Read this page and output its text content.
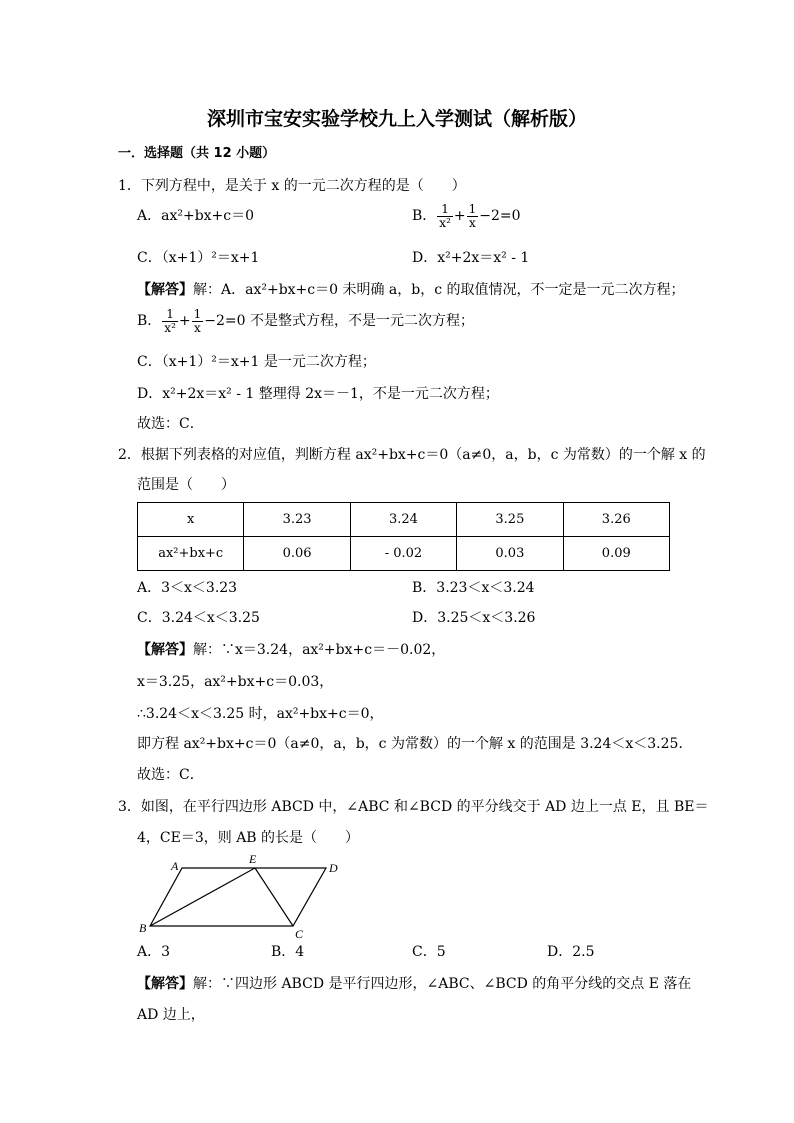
深圳市宝安实验学校九上入学测试（解析版）
一．选择题（共 12 小题）
1．下列方程中，是关于 x 的一元二次方程的是（　　）
A．ax²+bx+c＝0	B． $\frac{1}{\text{x²}} + \frac{1}{x} -2=0$
C．（x+1）²＝x+1	D．x²+2x＝x² - 1
【解答】解：A．ax²+bx+c＝0 未明确 a，b，c 的取值情况，不一定是一元二次方程；
B． $\frac{1}{\text{x²}} + \frac{1}{x} -2=0$ 不是整式方程，不是一元二次方程；
C．（x+1）²＝x+1 是一元二次方程；
D．x²+2x＝x² - 1 整理得 2x＝－1，不是一元二次方程；
故选：C．
2．根据下列表格的对应值，判断方程 ax²+bx+c＝0（a≠0，a，b，c 为常数）的一个解 x 的
范围是（　　）
x	3.23	3.24	3.25	3.26
ax²+bx+c	0.06	- 0.02	0.03	0.09
A．3＜x＜3.23	B．3.23＜x＜3.24
C．3.24＜x＜3.25	D．3.25＜x＜3.26
【解答】解：∵x＝3.24，ax²+bx+c＝－0.02，
x＝3.25，ax²+bx+c＝0.03，
∴3.24＜x＜3.25 时，ax²+bx+c＝0，
即方程 ax²+bx+c＝0（a≠0，a，b，c 为常数）的一个解 x 的范围是 3.24＜x＜3.25．
故选：C．
3．如图，在平行四边形 ABCD 中，∠ABC 和∠BCD 的平分线交于 AD 边上一点 E，且 BE＝
4，CE＝3，则 AB 的长是（　　）
A	E
D
B	C
A．3	B．4	C．5	D．2.5
【解答】解：∵四边形 ABCD 是平行四边形，∠ABC、∠BCD 的角平分线的交点 E 落在
AD 边上，
